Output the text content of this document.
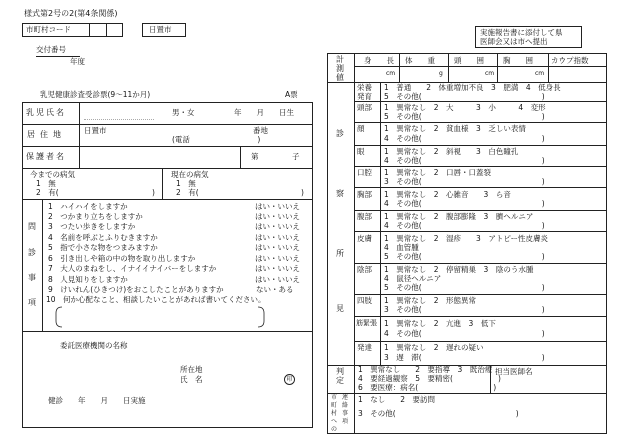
様式第2号の2(第4条関係)
市町村コード	日置市
交付番号
年度
乳児健康診査受診票(9〜11か月)	A票
乳児氏名	男・女	年　　月　　日生
居住地 日置市	番地
(電話　　　　　　　　　)
保護者名	第	子
今までの病気
1　無
2　有(	)
現在の病気
1　無
2　有(	)
問
診
事
項
1　ハイハイをしますか	はい・いいえ
2　つかまり立ちをしますか	はい・いいえ
3　つたい歩きをしますか	はい・いいえ
4　名前を呼ぶとふりむきますか	はい・いいえ
5　指で小さな物をつまみますか	はい・いいえ
6　引き出しや箱の中の物を取り出しますか	はい・いいえ
7　大人のまねをし、イナイイナイバーをしますか	はい・いいえ
8　人見知りをしますか	はい・いいえ
9　けいれん(ひきつけ)をおこしたことがありますか	ない・ある
10　何か心配なこと、相談したいことがあれば書いてください。
委託医療機関の名称
所在地
氏　名	印
健診　　年　　月　　日実施
実施報告書に添付して県
医師会又は市へ提出
計
測
値
身　　長 体　　重	頭　　囲	胸　　囲 カウプ指数
cm	g	cm	cm
診
察
所
見
栄養
発育
1　普通　　2　体重増加不良　3　肥満　4　低身長
5　その他(　　　　　　　　　　　　　　　　)
頭部 1　異常なし　2　大　　　3　小　　　4　変形
5　その他(　　　　　　　　　　　　　　　　)
顔	1　異常なし　2　貧血様　3　乏しい表情
4　その他(　　　　　　　　　　　　　　　　)
眼	1　異常なし　2　斜視　　3　白色瞳孔
4　その他(　　　　　　　　　　　　　　　　)
口腔 1　異常なし　2　口唇・口蓋裂
3　その他(　　　　　　　　　　　　　　　　)
胸部 1　異常なし　2　心雑音　　3　ら音
4　その他(　　　　　　　　　　　　　　　　)
腹部 1　異常なし　2　腹部膨隆　3　臍ヘルニア
4　その他(　　　　　　　　　　　　　　　　)
皮膚 1　異常なし　2　湿疹　　3　アトピー性皮膚炎
4　血管腫
5　その他(　　　　　　　　　　　　　　　　)
陰部 1　異常なし　2　停留精巣　3　陰のう水腫
4　鼠径ヘルニア
5　その他(　　　　　　　　　　　　　　　　)
四肢 1　異常なし　2　形態異常
3　その他(　　　　　　　　　　　　　　　　)
筋緊張 1　異常なし　2　亢進　3　低下
4　その他(　　　　　　　　　　　　　　　　)
発達 1　異常なし　2　遅れの疑い
3　遅　滞(　　　　　　　　　　　　　　　　)
判
定
1　異常なし　　2　要指導　3　既治療
4　要経過観察　5　要精密(　　　　　　)
6　要医療：病名(　　　　　　　　　　)
担当医師名
市
町
村
へ
の
連
絡
事
項
1　なし　　2　要訪問
3　その他(　　　　　　　　　　　　　　　　)
